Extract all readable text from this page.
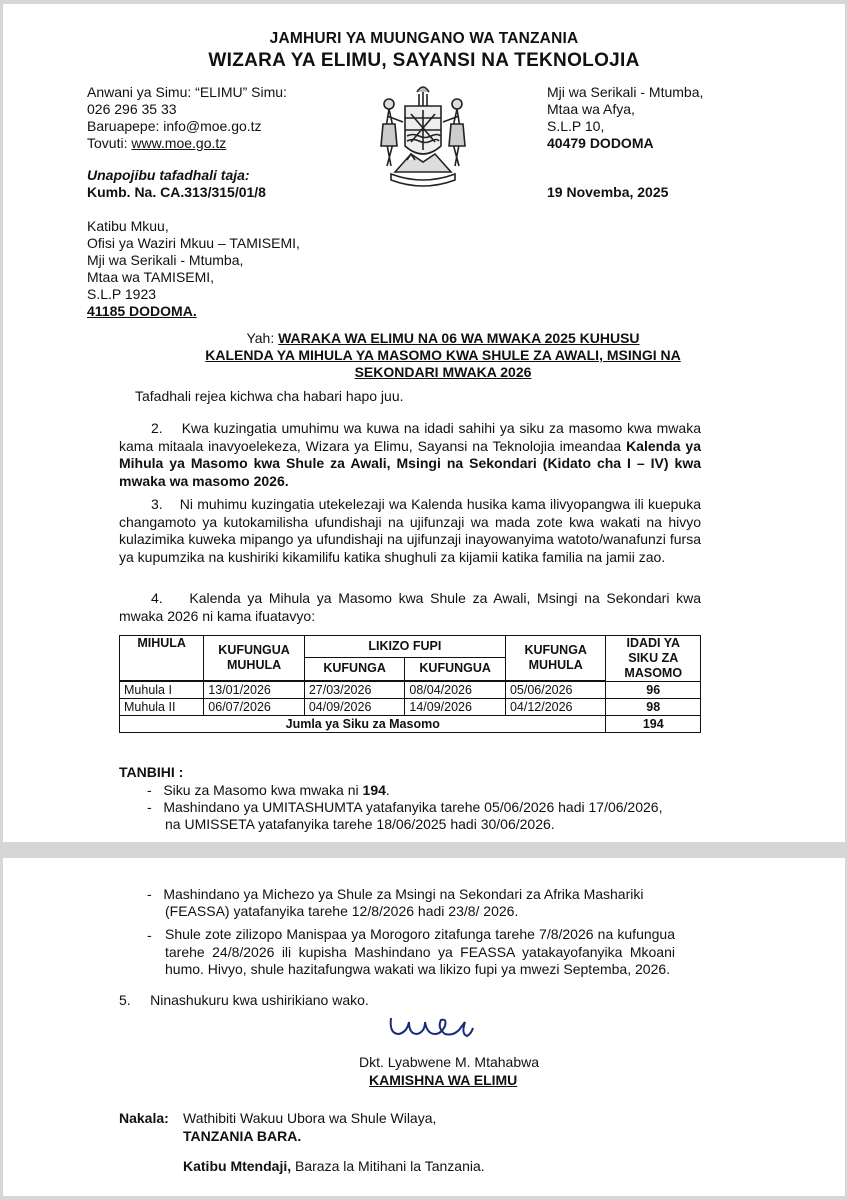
JAMHURI YA MUUNGANO WA TANZANIA
WIZARA YA ELIMU, SAYANSI NA TEKNOLOJIA
Anwani ya Simu: “ELIMU” Simu:
026 296 35 33
Baruapepe: info@moe.go.tz
Tovuti: www.moe.go.tz
Unapojibu tafadhali taja:
Kumb. Na. CA.313/315/01/8
Mji wa Serikali - Mtumba,
Mtaa wa Afya,
S.L.P 10,
40479 DODOMA
19 Novemba, 2025
Katibu Mkuu,
Ofisi ya Waziri Mkuu – TAMISEMI,
Mji wa Serikali - Mtumba,
Mtaa wa TAMISEMI,
S.L.P 1923
41185 DODOMA.
Yah: WARAKA WA ELIMU NA 06 WA MWAKA 2025 KUHUSU
KALENDA YA MIHULA YA MASOMO KWA SHULE ZA AWALI, MSINGI NA
SEKONDARI MWAKA 2026
Tafadhali rejea kichwa cha habari hapo juu.
2. Kwa kuzingatia umuhimu wa kuwa na idadi sahihi ya siku za masomo kwa mwaka kama mitaala inavyoelekeza, Wizara ya Elimu, Sayansi na Teknolojia imeandaa Kalenda ya Mihula ya Masomo kwa Shule za Awali, Msingi na Sekondari (Kidato cha I – IV) kwa mwaka wa masomo 2026.
3. Ni muhimu kuzingatia utekelezaji wa Kalenda husika kama ilivyopangwa ili kuepuka changamoto ya kutokamilisha ufundishaji na ujifunzaji wa mada zote kwa wakati na hivyo kulazimika kuweka mipango ya ufundishaji na ujifunzaji inayowanyima watoto/wanafunzi fursa ya kupumzika na kushiriki kikamilifu katika shughuli za kijamii katika familia na jamii zao.
4. Kalenda ya Mihula ya Masomo kwa Shule za Awali, Msingi na Sekondari kwa mwaka 2026 ni kama ifuatavyo:
MIHULA	KUFUNGUA MUHULA	LIKIZO FUPI		KUFUNGA MUHULA	IDADI YA SIKU ZA MASOMO
		KUFUNGA	KUFUNGUA		

Muhula I	13/01/2026	27/03/2026	08/04/2026	05/06/2026	96
Muhula II	06/07/2026	04/09/2026	14/09/2026	04/12/2026	98
Jumla ya Siku za Masomo					194
TANBIHI :
-   Siku za Masomo kwa mwaka ni 194.
-   Mashindano ya UMITASHUMTA yatafanyika tarehe 05/06/2026 hadi 17/06/2026,
na UMISSETA yatafanyika tarehe 18/06/2025 hadi 30/06/2026.
-   Mashindano ya Michezo ya Shule za Msingi na Sekondari za Afrika Mashariki
(FEASSA) yatafanyika tarehe 12/8/2026 hadi 23/8/ 2026.
- Shule zote zilizopo Manispaa ya Morogoro zitafunga tarehe 7/8/2026 na kufungua tarehe 24/8/2026 ili kupisha Mashindano ya FEASSA yatakayofanyika Mkoani humo. Hivyo, shule hazitafungwa wakati wa likizo fupi ya mwezi Septemba, 2026.
5. Ninashukuru kwa ushirikiano wako.
Dkt. Lyabwene M. Mtahabwa
KAMISHNA WA ELIMU
Nakala: Wathibiti Wakuu Ubora wa Shule Wilaya,
TANZANIA BARA.
Katibu Mtendaji, Baraza la Mitihani la Tanzania.
